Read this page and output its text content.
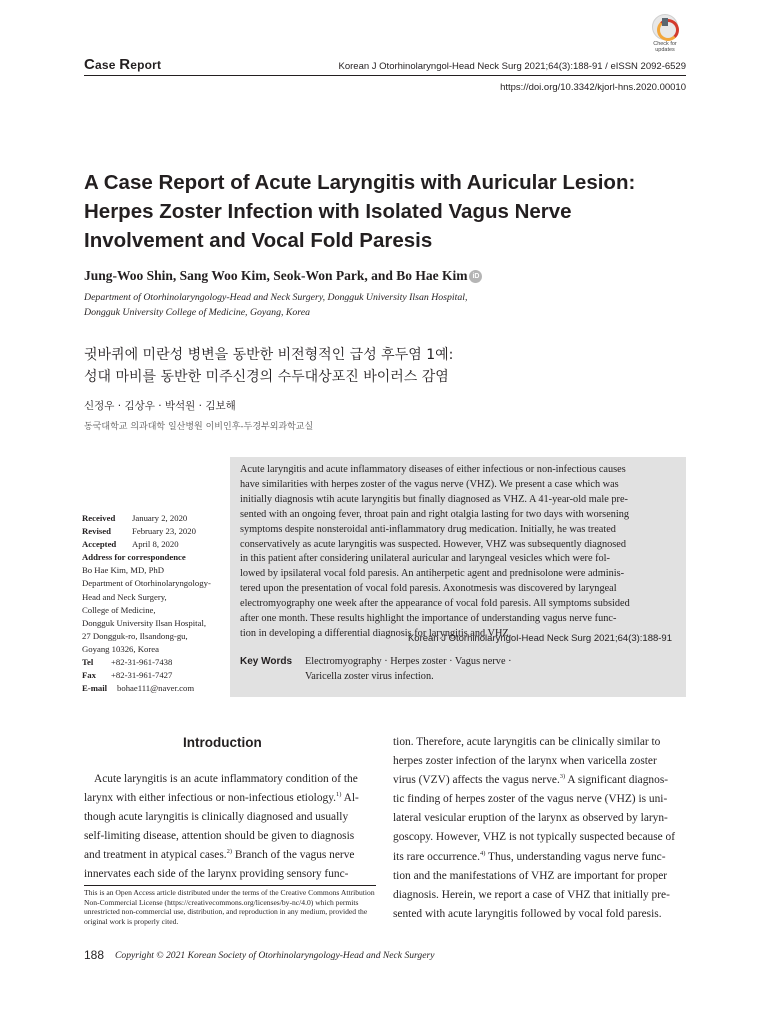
Case Report	Korean J Otorhinolaryngol-Head Neck Surg 2021;64(3):188-91 / eISSN 2092-6529
https://doi.org/10.3342/kjorl-hns.2020.00010
Check for
updates
A Case Report of Acute Laryngitis with Auricular Lesion:
Herpes Zoster Infection with Isolated Vagus Nerve
Involvement and Vocal Fold Paresis
Jung-Woo Shin, Sang Woo Kim, Seok-Won Park, and Bo Hae Kim iD
Department of Otorhinolaryngology-Head and Neck Surgery, Dongguk University Ilsan Hospital,
Dongguk University College of Medicine, Goyang, Korea
귓바퀴에 미란성 병변을 동반한 비전형적인 급성 후두염 1예:
성대 마비를 동반한 미주신경의 수두대상포진 바이러스 감염
신정우 · 김상우 · 박석원 · 김보해
동국대학교 의과대학 일산병원 이비인후-두경부외과학교실
Received	January 2, 2020
Revised	February 23, 2020
Accepted	April 8, 2020
Address for correspondence
Bo Hae Kim, MD, PhD
Department of Otorhinolaryngology-
Head and Neck Surgery,
College of Medicine,
Dongguk University Ilsan Hospital,
27 Dongguk-ro, Ilsandong-gu,
Goyang 10326, Korea
Tel	+82-31-961-7438
Fax	+82-31-961-7427
E-mail	bohae111@naver.com
Acute laryngitis and acute inflammatory diseases of either infectious or non-infectious causes
have similarities with herpes zoster of the vagus nerve (VHZ). We present a case which was
initially diagnosis wtih acute laryngitis but finally diagnosed as VHZ. A 41-year-old male pre-
sented with an ongoing fever, throat pain and right otalgia lasting for two days with worsening
symptoms despite nonsteroidal anti-inflammatory drug medication. Initially, he was treated
conservatively as acute laryngitis was suspected. However, VHZ was subsequently diagnosed
in this patient after considering unilateral auricular and laryngeal vesicles which were fol-
lowed by ipsilateral vocal fold paresis. An antiherpetic agent and prednisolone were adminis-
tered upon the presentation of vocal fold paresis. Axonotmesis was discovered by laryngeal
electromyography one week after the appearance of vocal fold paresis. All symptoms subsided
after one month. These results highlight the importance of understanding vagus nerve func-
tion in developing a differential diagnosis for laryngitis and VHZ.
Korean J Otorhinolaryngol-Head Neck Surg 2021;64(3):188-91
Key Words Electromyography · Herpes zoster · Vagus nerve ·
Varicella zoster virus infection.
Introduction
Acute laryngitis is an acute inflammatory condition of the
larynx with either infectious or non-infectious etiology.$^{1)}$ Al-
though acute laryngitis is clinically diagnosed and usually
self-limiting disease, attention should be given to diagnosis
and treatment in atypical cases.$^{2)}$ Branch of the vagus nerve
innervates each side of the larynx providing sensory func-
tion. Therefore, acute laryngitis can be clinically similar to
herpes zoster infection of the larynx when varicella zoster
virus (VZV) affects the vagus nerve.$^{3)}$ A significant diagnos-
tic finding of herpes zoster of the vagus nerve (VHZ) is uni-
lateral vesicular eruption of the larynx as observed by laryn-
goscopy. However, VHZ is not typically suspected because of
its rare occurrence.$^{4)}$ Thus, understanding vagus nerve func-
tion and the manifestations of VHZ are important for proper
diagnosis. Herein, we report a case of VHZ that initially pre-
sented with acute laryngitis followed by vocal fold paresis.
This is an Open Access article distributed under the terms of the Creative Commons Attribution Non-Commercial License (https://creativecommons.org/licenses/by-nc/4.0) which permits unrestricted non-commercial use, distribution, and reproduction in any medium, provided the original work is properly cited.
188 Copyright © 2021 Korean Society of Otorhinolaryngology-Head and Neck Surgery
